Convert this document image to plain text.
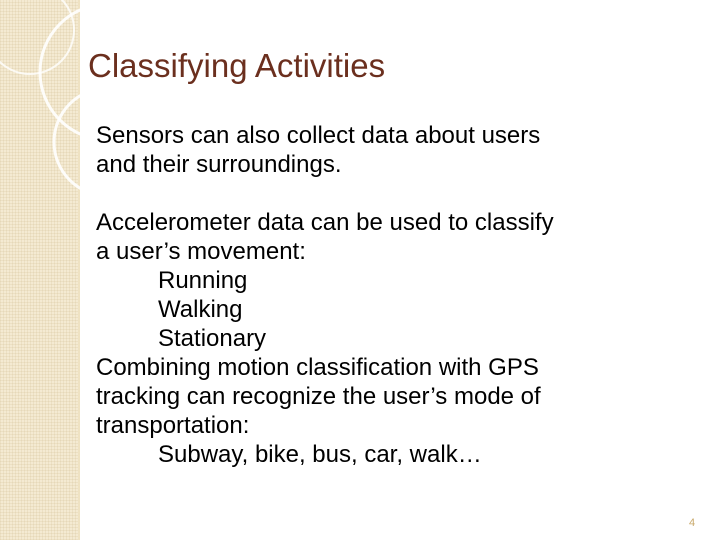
Classifying Activities
Sensors can also collect data about users
and their surroundings.
Accelerometer data can be used to classify
a user’s movement:
Running
Walking
Stationary
Combining motion classification with GPS
tracking can recognize the user’s mode of
transportation:
Subway, bike, bus, car, walk…
4
